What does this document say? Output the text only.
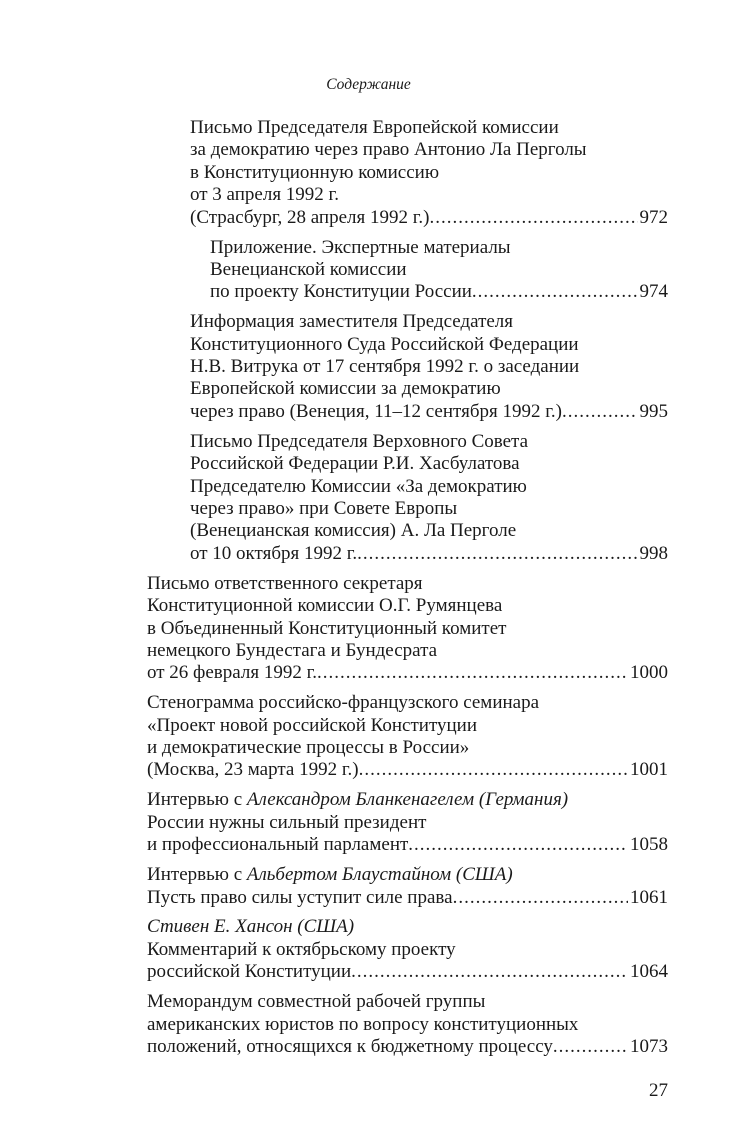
Содержание
Письмо Председателя Европейской комиссии
за демократию через право Антонио Ла Перголы
в Конституционную комиссию
от 3 апреля 1992 г.
(Страсбург, 28 апреля 1992 г.) .....	972
Приложение. Экспертные материалы
Венецианской комиссии
по проекту Конституции России .....	974
Информация заместителя Председателя
Конституционного Суда Российской Федерации
Н.В. Витрука от 17 сентября 1992 г. о заседании
Европейской комиссии за демократию
через право (Венеция, 11–12 сентября 1992 г.) .....	995
Письмо Председателя Верховного Совета
Российской Федерации Р.И. Хасбулатова
Председателю Комиссии «За демократию
через право» при Совете Европы
(Венецианская комиссия) А. Ла Перголе
от 10 октября 1992 г. .....	998
Письмо ответственного секретаря
Конституционной комиссии О.Г. Румянцева
в Объединенный Конституционный комитет
немецкого Бундестага и Бундесрата
от 26 февраля 1992 г. .....	1000
Стенограмма российско-французского семинара
«Проект новой российской Конституции
и демократические процессы в России»
(Москва, 23 марта 1992 г.) .....	1001
Интервью с Александром Бланкенагелем (Германия)
России нужны сильный президент
и профессиональный парламент .....	1058
Интервью с Альбертом Блаустайном (США)
Пусть право силы уступит силе права .....	1061
Стивен Е. Хансон (США)
Комментарий к октябрьскому проекту
российской Конституции .....	1064
Меморандум совместной рабочей группы
американских юристов по вопросу конституционных
положений, относящихся к бюджетному процессу .....	1073
27
